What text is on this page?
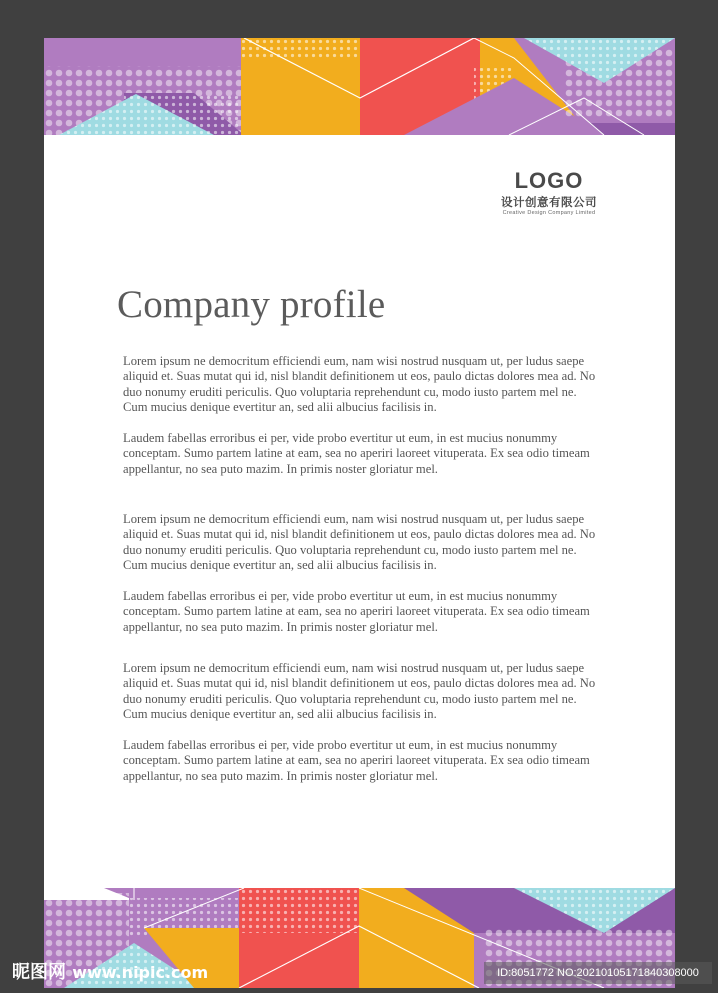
LOGO
设计创意有限公司
Creative Design Company Limited
Company profile

Lorem ipsum ne democritum efficiendi eum, nam wisi nostrud nusquam ut, per ludus saepe aliquid et. Suas mutat qui id, nisl blandit definitionem ut eos, paulo dictas dolores mea ad. No duo nonumy eruditi periculis. Quo voluptaria reprehendunt cu, modo iusto partem mel ne. Cum mucius denique evertitur an, sed alii albucius facilisis in.

Laudem fabellas erroribus ei per, vide probo evertitur ut eum, in est mucius nonummy conceptam. Sumo partem latine at eam, sea no aperiri laoreet vituperata. Ex sea odio timeam appellantur, no sea puto mazim. In primis noster gloriatur mel.

Lorem ipsum ne democritum efficiendi eum, nam wisi nostrud nusquam ut, per ludus saepe aliquid et. Suas mutat qui id, nisl blandit definitionem ut eos, paulo dictas dolores mea ad. No duo nonumy eruditi periculis. Quo voluptaria reprehendunt cu, modo iusto partem mel ne. Cum mucius denique evertitur an, sed alii albucius facilisis in.

Laudem fabellas erroribus ei per, vide probo evertitur ut eum, in est mucius nonummy conceptam. Sumo partem latine at eam, sea no aperiri laoreet vituperata. Ex sea odio timeam appellantur, no sea puto mazim. In primis noster gloriatur mel.

Lorem ipsum ne democritum efficiendi eum, nam wisi nostrud nusquam ut, per ludus saepe aliquid et. Suas mutat qui id, nisl blandit definitionem ut eos, paulo dictas dolores mea ad. No duo nonumy eruditi periculis. Quo voluptaria reprehendunt cu, modo iusto partem mel ne. Cum mucius denique evertitur an, sed alii albucius facilisis in.

Laudem fabellas erroribus ei per, vide probo evertitur ut eum, in est mucius nonummy conceptam. Sumo partem latine at eam, sea no aperiri laoreet vituperata. Ex sea odio timeam appellantur, no sea puto mazim. In primis noster gloriatur mel.

昵图网 www.nipic.com	ID:8051772 NO:20210105171840308000
